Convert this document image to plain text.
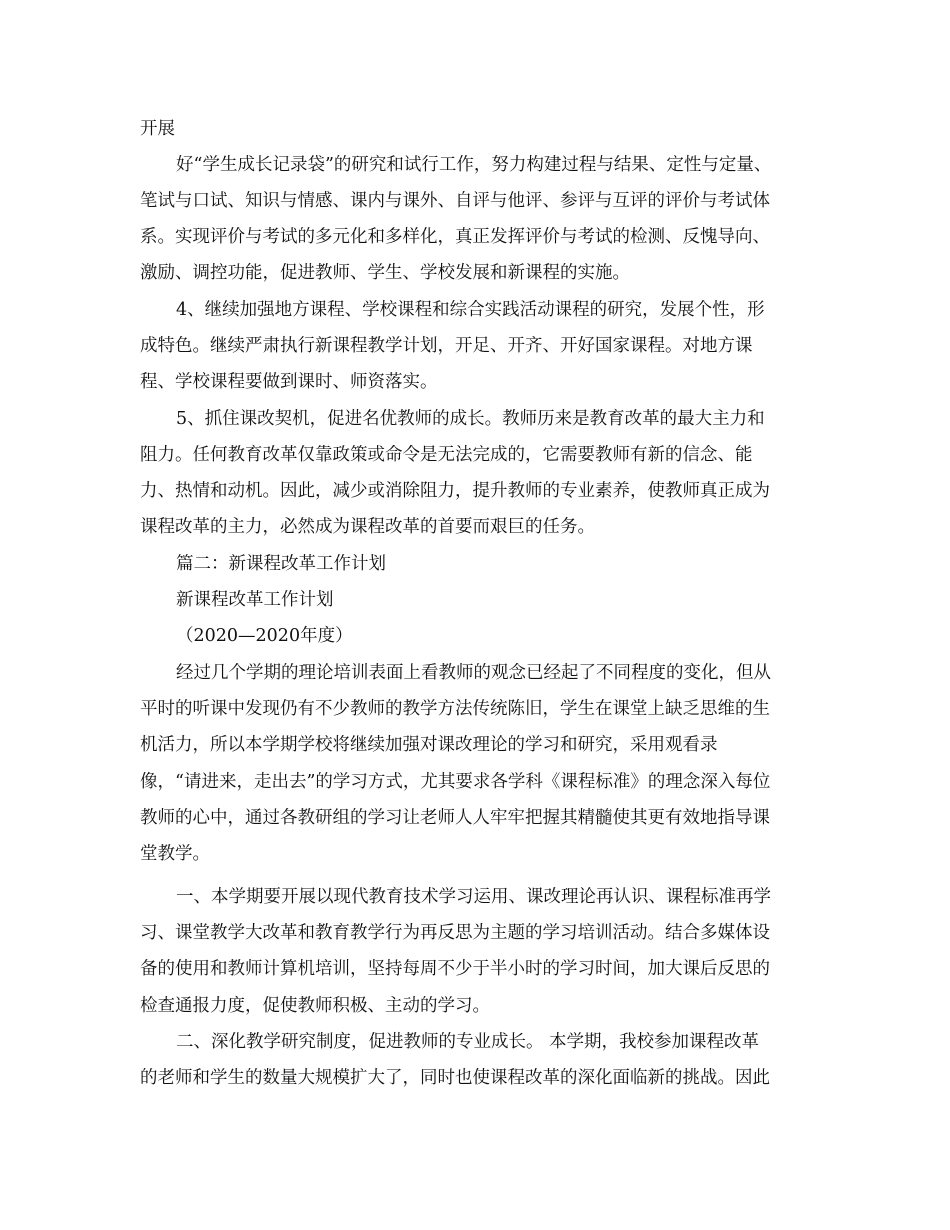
开展
好“学生成长记录袋”的研究和试行工作，努力构建过程与结果、定性与定量、
笔试与口试、知识与情感、课内与课外、自评与他评、参评与互评的评价与考试体
系。实现评价与考试的多元化和多样化，真正发挥评价与考试的检测、反愧导向、
激励、调控功能，促进教师、学生、学校发展和新课程的实施。
4、继续加强地方课程、学校课程和综合实践活动课程的研究，发展个性，形
成特色。继续严肃执行新课程教学计划，开足、开齐、开好国家课程。对地方课
程、学校课程要做到课时、师资落实。
5、抓住课改契机，促进名优教师的成长。教师历来是教育改革的最大主力和
阻力。任何教育改革仅靠政策或命令是无法完成的，它需要教师有新的信念、能
力、热情和动机。因此，减少或消除阻力，提升教师的专业素养，使教师真正成为
课程改革的主力，必然成为课程改革的首要而艰巨的任务。
篇二：新课程改革工作计划
新课程改革工作计划
（2020—2020年度）
经过几个学期的理论培训表面上看教师的观念已经起了不同程度的变化，但从
平时的听课中发现仍有不少教师的教学方法传统陈旧，学生在课堂上缺乏思维的生
机活力，所以本学期学校将继续加强对课改理论的学习和研究，采用观看录
像，“请进来，走出去”的学习方式，尤其要求各学科《课程标准》的理念深入每位
教师的心中，通过各教研组的学习让老师人人牢牢把握其精髓使其更有效地指导课
堂教学。
一、本学期要开展以现代教育技术学习运用、课改理论再认识、课程标准再学
习、课堂教学大改革和教育教学行为再反思为主题的学习培训活动。结合多媒体设
备的使用和教师计算机培训，坚持每周不少于半小时的学习时间，加大课后反思的
检查通报力度，促使教师积极、主动的学习。
二、深化教学研究制度，促进教师的专业成长。 本学期，我校参加课程改革
的老师和学生的数量大规模扩大了，同时也使课程改革的深化面临新的挑战。因此
